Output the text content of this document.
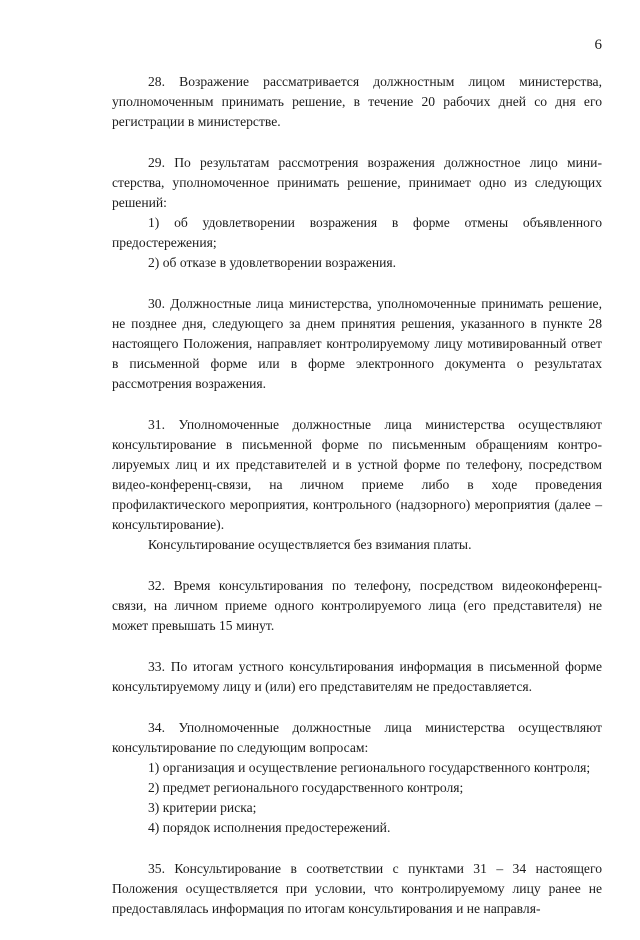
6

28. Возражение рассматривается должностным лицом министерства, уполномоченным принимать решение, в течение 20 рабочих дней со дня его регистрации в министерстве.

29. По результатам рассмотрения возражения должностное лицо министерства, уполномоченное принимать решение, принимает одно из следующих решений:

1) об удовлетворении возражения в форме отмены объявленного предостережения;

2) об отказе в удовлетворении возражения.

30. Должностные лица министерства, уполномоченные принимать решение, не позднее дня, следующего за днем принятия решения, указанного в пункте 28 настоящего Положения, направляет контролируемому лицу мотивированный ответ в письменной форме или в форме электронного документа о результатах рассмотрения возражения.

31. Уполномоченные должностные лица министерства осуществляют консультирование в письменной форме по письменным обращениям контролируемых лиц и их представителей и в устной форме по телефону, посредством видео-конференц-связи, на личном приеме либо в ходе проведения профилактического мероприятия, контрольного (надзорного) мероприятия (далее – консультирование).

Консультирование осуществляется без взимания платы.

32. Время консультирования по телефону, посредством видеоконференц-связи, на личном приеме одного контролируемого лица (его представителя) не может превышать 15 минут.

33. По итогам устного консультирования информация в письменной форме консультируемому лицу и (или) его представителям не предоставляется.

34. Уполномоченные должностные лица министерства осуществляют консультирование по следующим вопросам:

1) организация и осуществление регионального государственного контроля;

2) предмет регионального государственного контроля;

3) критерии риска;

4) порядок исполнения предостережений.

35. Консультирование в соответствии с пунктами 31 – 34 настоящего Положения осуществляется при условии, что контролируемому лицу ранее не предоставлялась информация по итогам консультирования и не направля-
